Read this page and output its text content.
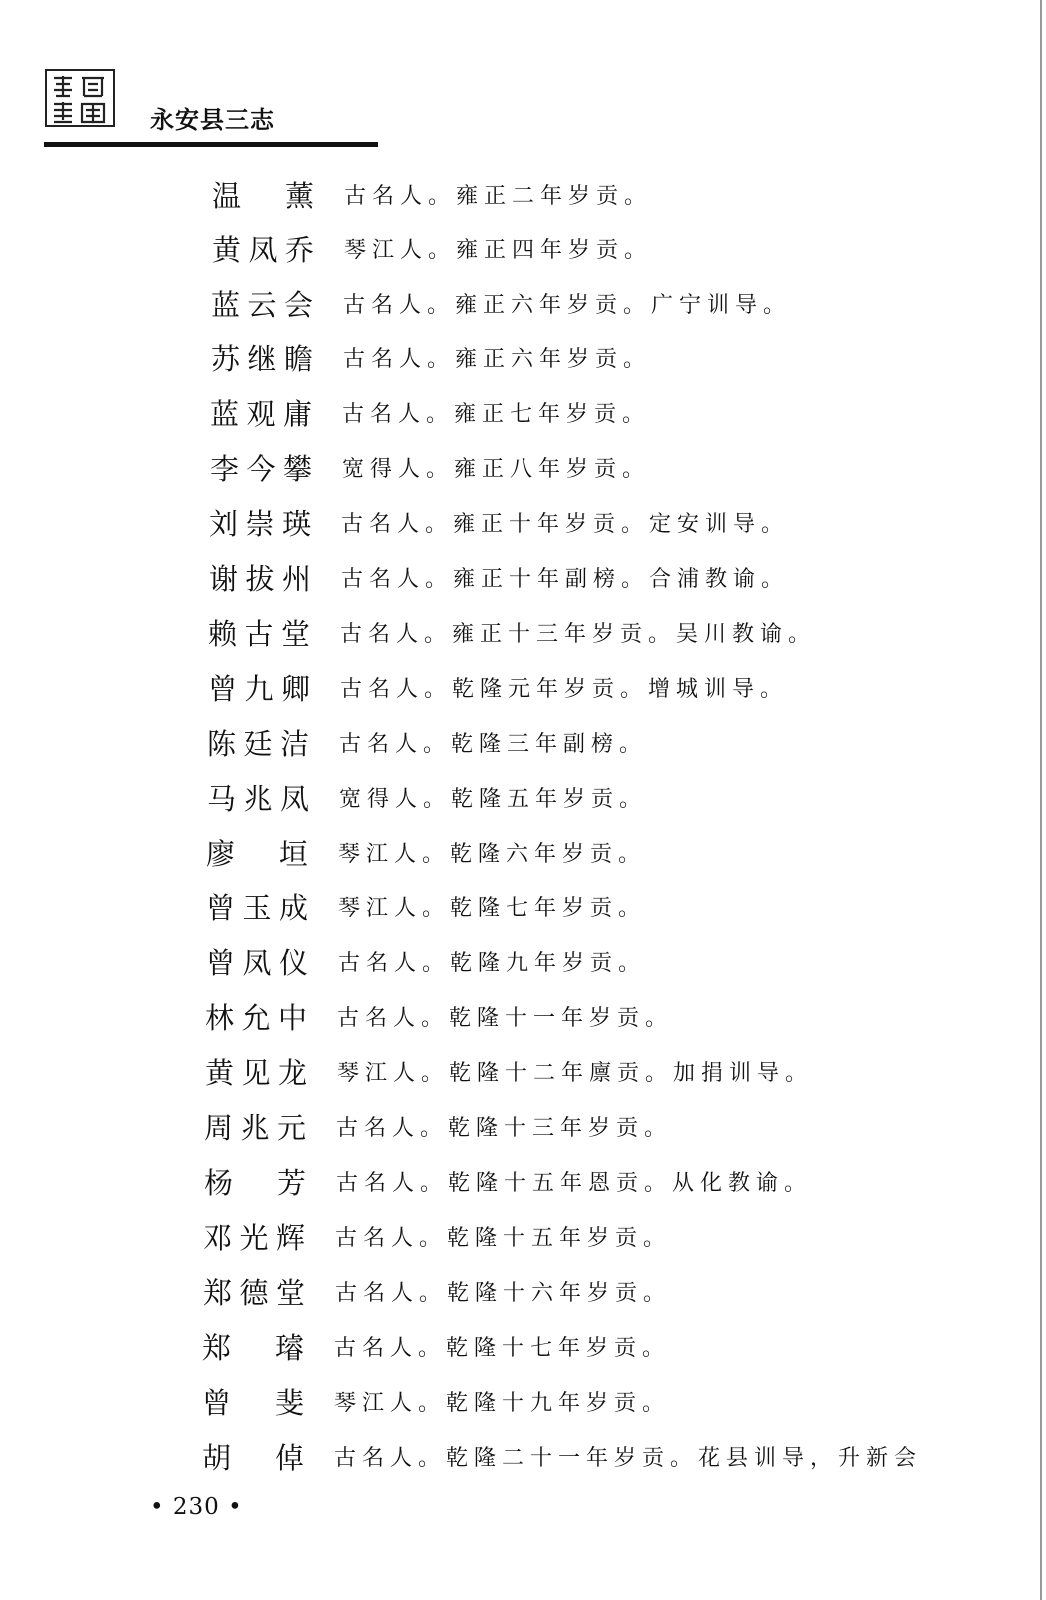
永安县三志
温　薰 古名人。雍正二年岁贡。
黄凤乔 琴江人。雍正四年岁贡。
蓝云会 古名人。雍正六年岁贡。广宁训导。
苏继瞻 古名人。雍正六年岁贡。
蓝观庸 古名人。雍正七年岁贡。
李今攀 宽得人。雍正八年岁贡。
刘崇瑛 古名人。雍正十年岁贡。定安训导。
谢拔州 古名人。雍正十年副榜。合浦教谕。
赖古堂 古名人。雍正十三年岁贡。吴川教谕。
曾九卿 古名人。乾隆元年岁贡。增城训导。
陈廷洁 古名人。乾隆三年副榜。
马兆凤 宽得人。乾隆五年岁贡。
廖　垣 琴江人。乾隆六年岁贡。
曾玉成 琴江人。乾隆七年岁贡。
曾凤仪 古名人。乾隆九年岁贡。
林允中 古名人。乾隆十一年岁贡。
黄见龙 琴江人。乾隆十二年廪贡。加捐训导。
周兆元 古名人。乾隆十三年岁贡。
杨　芳 古名人。乾隆十五年恩贡。从化教谕。
邓光辉 古名人。乾隆十五年岁贡。
郑德堂 古名人。乾隆十六年岁贡。
郑　璿 古名人。乾隆十七年岁贡。
曾　斐 琴江人。乾隆十九年岁贡。
胡　倬 古名人。乾隆二十一年岁贡。花县训导，升新会
• 230 •
